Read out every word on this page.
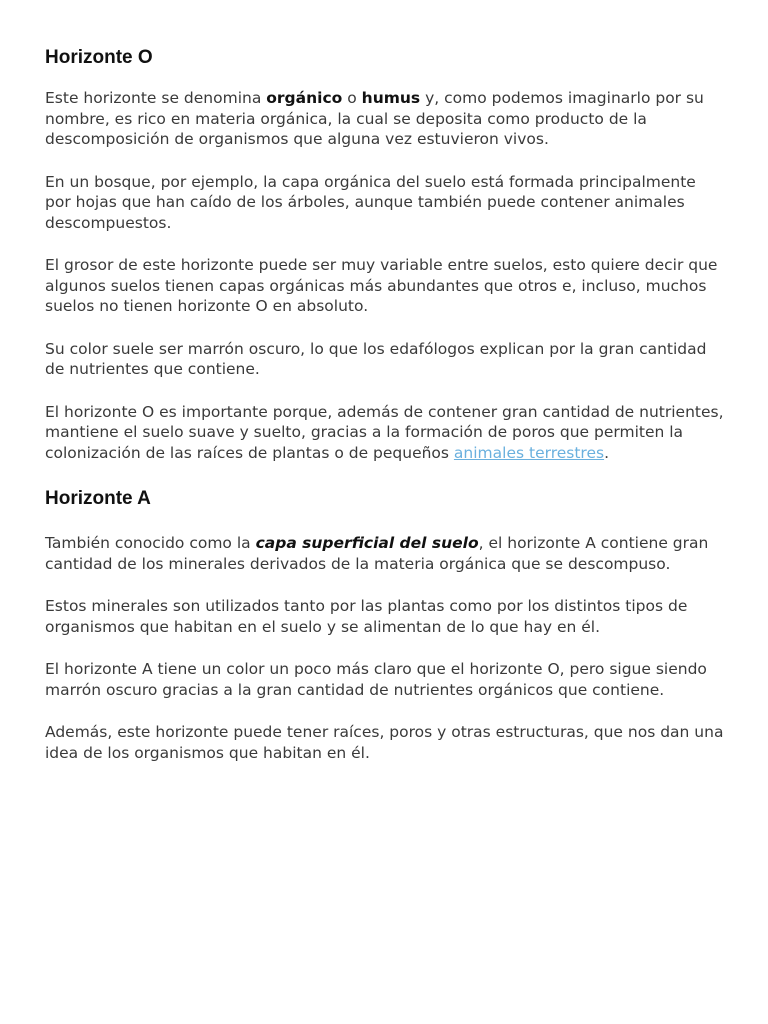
Horizonte O

Este horizonte se denomina orgánico o humus y, como podemos imaginarlo por su nombre, es rico en materia orgánica, la cual se deposita como producto de la descomposición de organismos que alguna vez estuvieron vivos.

En un bosque, por ejemplo, la capa orgánica del suelo está formada principalmente por hojas que han caído de los árboles, aunque también puede contener animales descompuestos.

El grosor de este horizonte puede ser muy variable entre suelos, esto quiere decir que algunos suelos tienen capas orgánicas más abundantes que otros e, incluso, muchos suelos no tienen horizonte O en absoluto.

Su color suele ser marrón oscuro, lo que los edafólogos explican por la gran cantidad de nutrientes que contiene.

El horizonte O es importante porque, además de contener gran cantidad de nutrientes, mantiene el suelo suave y suelto, gracias a la formación de poros que permiten la colonización de las raíces de plantas o de pequeños animales terrestres.

Horizonte A

También conocido como la capa superficial del suelo, el horizonte A contiene gran cantidad de los minerales derivados de la materia orgánica que se descompuso.

Estos minerales son utilizados tanto por las plantas como por los distintos tipos de organismos que habitan en el suelo y se alimentan de lo que hay en él.

El horizonte A tiene un color un poco más claro que el horizonte O, pero sigue siendo marrón oscuro gracias a la gran cantidad de nutrientes orgánicos que contiene.

Además, este horizonte puede tener raíces, poros y otras estructuras, que nos dan una idea de los organismos que habitan en él.
